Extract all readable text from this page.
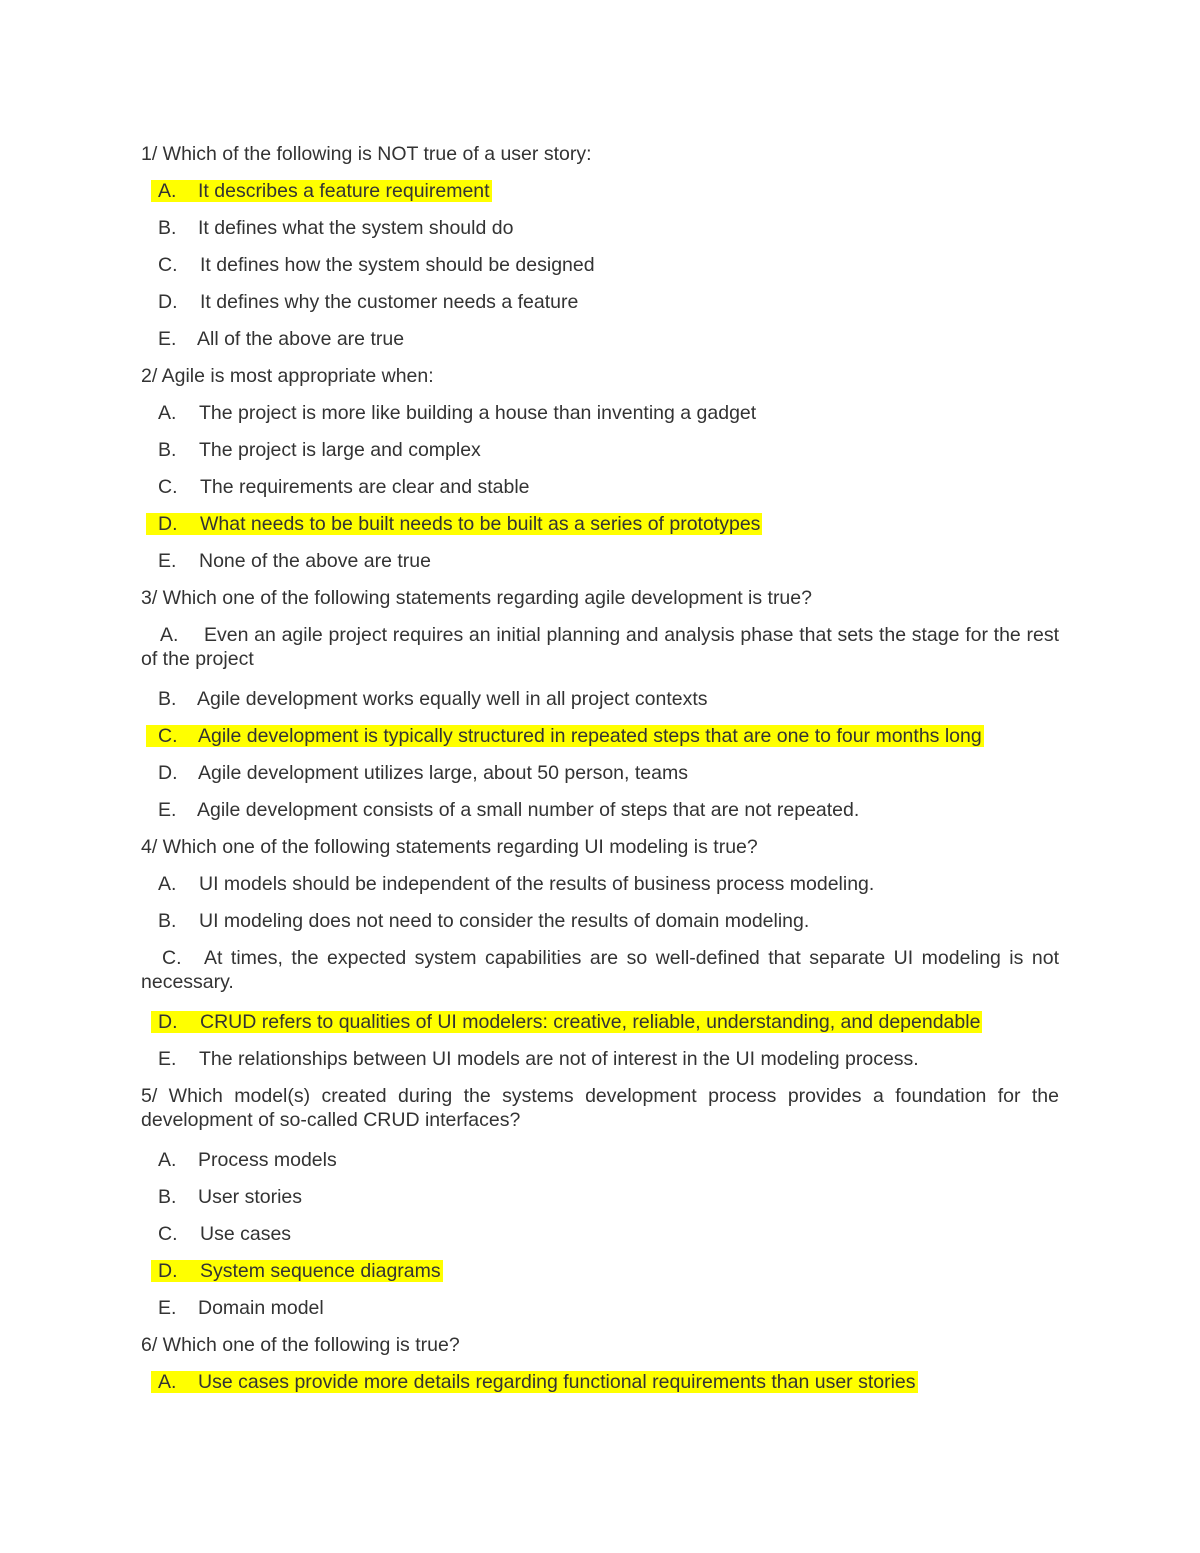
1/ Which of the following is NOT true of a user story:
A. It describes a feature requirement
B. It defines what the system should do
C. It defines how the system should be designed
D. It defines why the customer needs a feature
E. All of the above are true
2/ Agile is most appropriate when:
A. The project is more like building a house than inventing a gadget
B. The project is large and complex
C. The requirements are clear and stable
D. What needs to be built needs to be built as a series of prototypes
E. None of the above are true
3/ Which one of the following statements regarding agile development is true?
A. Even an agile project requires an initial planning and analysis phase that sets the stage for the rest of the project
B. Agile development works equally well in all project contexts
C. Agile development is typically structured in repeated steps that are one to four months long
D. Agile development utilizes large, about 50 person, teams
E. Agile development consists of a small number of steps that are not repeated.
4/ Which one of the following statements regarding UI modeling is true?
A. UI models should be independent of the results of business process modeling.
B. UI modeling does not need to consider the results of domain modeling.
C. At times, the expected system capabilities are so well-defined that separate UI modeling is not necessary.
D. CRUD refers to qualities of UI modelers: creative, reliable, understanding, and dependable
E. The relationships between UI models are not of interest in the UI modeling process.
5/ Which model(s) created during the systems development process provides a foundation for the development of so-called CRUD interfaces?
A. Process models
B. User stories
C. Use cases
D. System sequence diagrams
E. Domain model
6/ Which one of the following is true?
A. Use cases provide more details regarding functional requirements than user stories
